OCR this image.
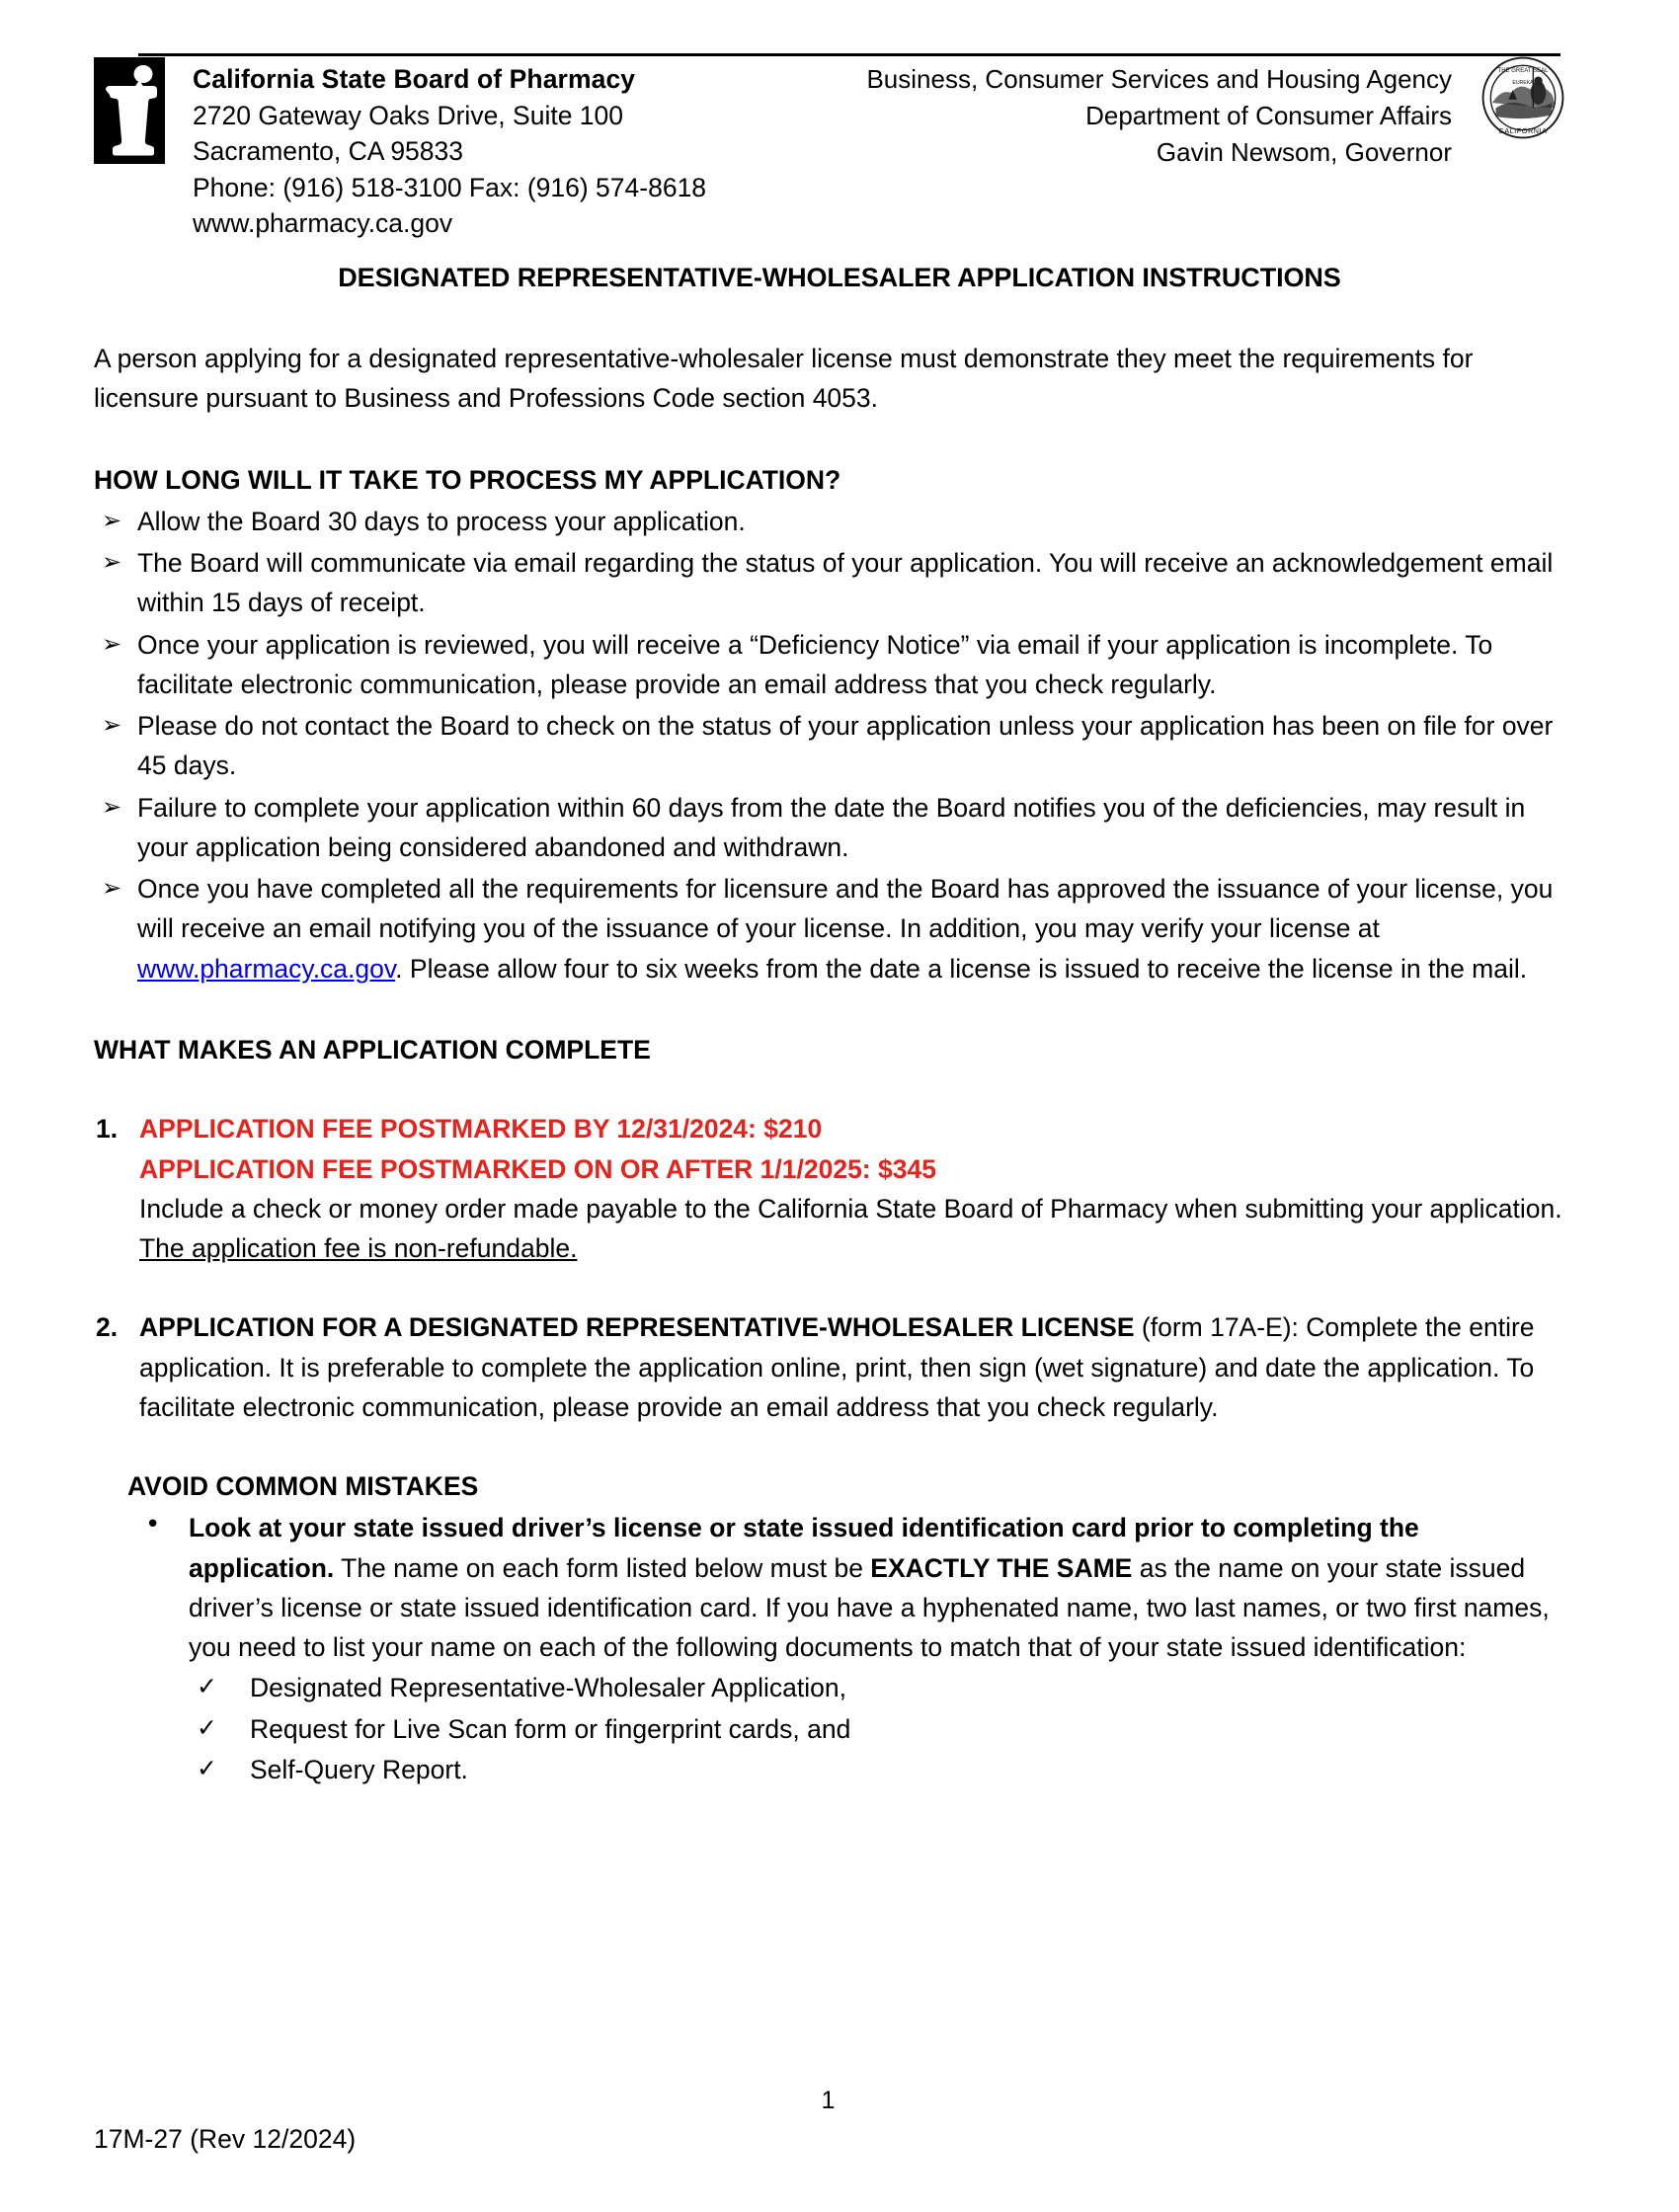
California State Board of Pharmacy
2720 Gateway Oaks Drive, Suite 100
Sacramento, CA 95833
Phone: (916) 518-3100 Fax: (916) 574-8618
www.pharmacy.ca.gov
Business, Consumer Services and Housing Agency
Department of Consumer Affairs
Gavin Newsom, Governor
THE GREAT SEAL
CALIFORNIA
EUREKA
DESIGNATED REPRESENTATIVE-WHOLESALER APPLICATION INSTRUCTIONS
A person applying for a designated representative-wholesaler license must demonstrate they meet the requirements for licensure pursuant to Business and Professions Code section 4053.
HOW LONG WILL IT TAKE TO PROCESS MY APPLICATION?
➢ Allow the Board 30 days to process your application.
➢ The Board will communicate via email regarding the status of your application. You will receive an acknowledgement email within 15 days of receipt.
➢ Once your application is reviewed, you will receive a “Deficiency Notice” via email if your application is incomplete. To facilitate electronic communication, please provide an email address that you check regularly.
➢ Please do not contact the Board to check on the status of your application unless your application has been on file for over 45 days.
➢ Failure to complete your application within 60 days from the date the Board notifies you of the deficiencies, may result in your application being considered abandoned and withdrawn.
➢ Once you have completed all the requirements for licensure and the Board has approved the issuance of your license, you will receive an email notifying you of the issuance of your license. In addition, you may verify your license at www.pharmacy.ca.gov. Please allow four to six weeks from the date a license is issued to receive the license in the mail.
WHAT MAKES AN APPLICATION COMPLETE
1. APPLICATION FEE POSTMARKED BY 12/31/2024: $210
APPLICATION FEE POSTMARKED ON OR AFTER 1/1/2025: $345
Include a check or money order made payable to the California State Board of Pharmacy when submitting your application. The application fee is non-refundable.
2. APPLICATION FOR A DESIGNATED REPRESENTATIVE-WHOLESALER LICENSE (form 17A-E): Complete the entire application. It is preferable to complete the application online, print, then sign (wet signature) and date the application. To facilitate electronic communication, please provide an email address that you check regularly.
AVOID COMMON MISTAKES
• Look at your state issued driver’s license or state issued identification card prior to completing the application. The name on each form listed below must be EXACTLY THE SAME as the name on your state issued driver’s license or state issued identification card. If you have a hyphenated name, two last names, or two first names, you need to list your name on each of the following documents to match that of your state issued identification:
✓ Designated Representative-Wholesaler Application,
✓ Request for Live Scan form or fingerprint cards, and
✓ Self-Query Report.
1
17M-27 (Rev 12/2024)
